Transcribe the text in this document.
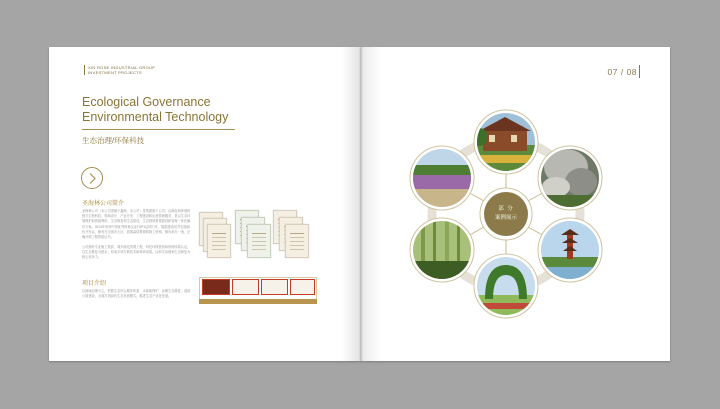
XIN ROSE INDUSTRIAL GROUP
INVESTMENT PROJECTS
Ecological Governance
Environmental Technology
生态治理/环保科技
圣海林公司简介
圣海林公司（本公司隶属于鑫海，本公司）是集团旗下公司，以海化和养殖的相关生物科技，领域设计、产业开发、工程建设和运营管理服务，是以生态环境保护和资源利用，生态修复和生态建设，生态园林景观建设和管理一体化解决方案。2013年荣获中国优秀园林企业TOP1证明力作，根据建设用并实施绿色开发以，拥有在全国各大区，拓展森林景观和施工资格，拥有举办一流，正确开展工程资质证书。
公司拥有专业施工资质，城乡绿化景观工程，科技环保资质和管理体系认证，以生态修复为根本，形成多项专利技术和科研成果，以科学治理和生态修复为核心竞争力。
项目介绍
以流域治理为主，把握生态综合服务体系，水源地保护，治理生态修复，湿地公园建设，全面打造绿色生态发展模式，推进生态产业化发展。
07 / 08
部 分
案例展示
